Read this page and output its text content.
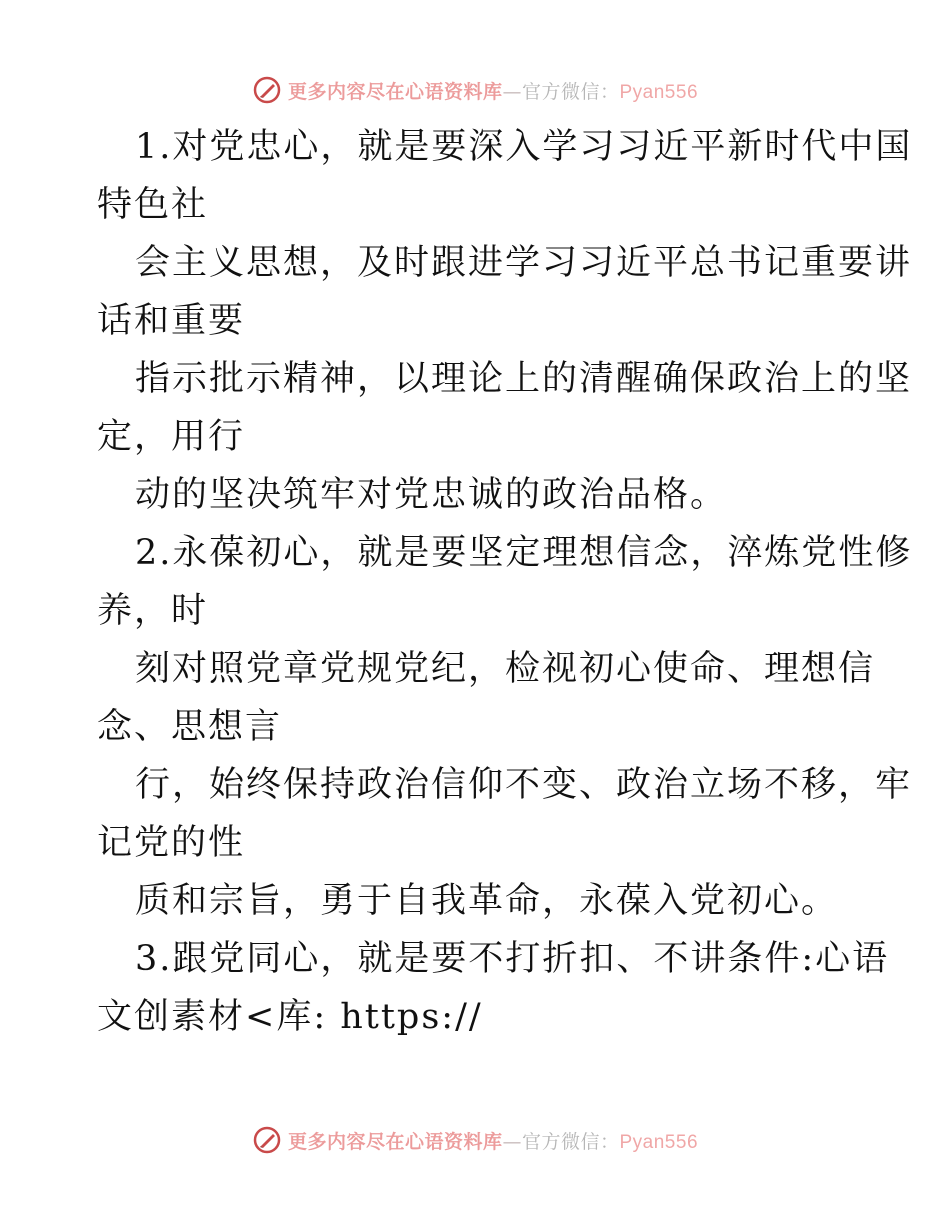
更多内容尽在心语资料库—官方微信：Pyan556
1.对党忠心，就是要深入学习习近平新时代中国
特色社
会主义思想，及时跟进学习习近平总书记重要讲
话和重要
指示批示精神，以理论上的清醒确保政治上的坚
定，用行
动的坚决筑牢对党忠诚的政治品格。
2.永葆初心，就是要坚定理想信念，淬炼党性修
养，时
刻对照党章党规党纪，检视初心使命、理想信
念、思想言
行，始终保持政治信仰不变、政治立场不移，牢
记党的性
质和宗旨，勇于自我革命，永葆入党初心。
3.跟党同心，就是要不打折扣、不讲条件:心语
文创素材<库: https://
更多内容尽在心语资料库—官方微信：Pyan556
